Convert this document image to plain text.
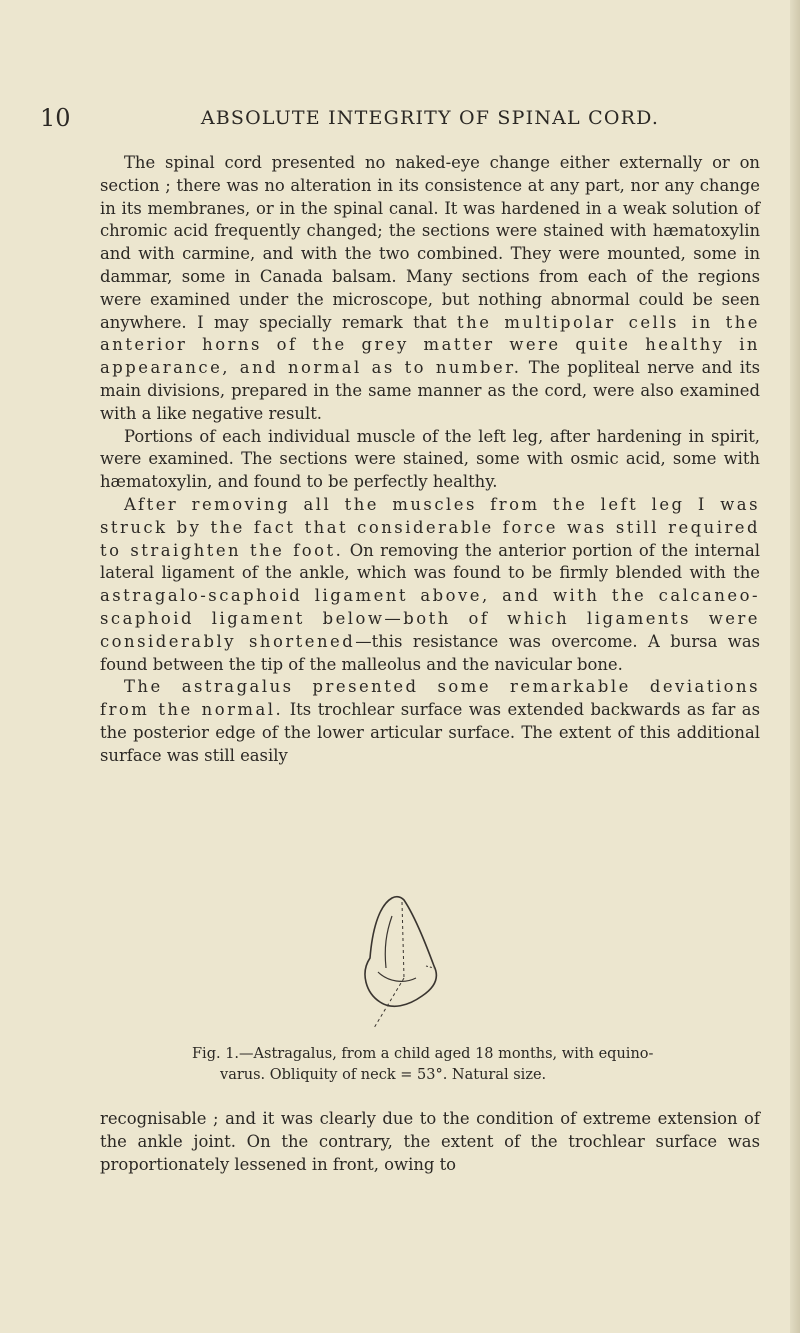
10	ABSOLUTE INTEGRITY OF SPINAL CORD.

The spinal cord presented no naked-eye change either externally or on section ; there was no alteration in its consistence at any part, nor any change in its membranes, or in the spinal canal. It was hardened in a weak solution of chromic acid frequently changed; the sections were stained with hæmatoxylin and with carmine, and with the two combined. They were mounted, some in dammar, some in Canada balsam. Many sections from each of the regions were examined under the microscope, but nothing abnormal could be seen anywhere. I may specially remark that the multipolar cells in the anterior horns of the grey matter were quite healthy in appearance, and normal as to number. The popliteal nerve and its main divisions, prepared in the same manner as the cord, were also examined with a like negative result.

Portions of each individual muscle of the left leg, after hardening in spirit, were examined. The sections were stained, some with osmic acid, some with hæmatoxylin, and found to be perfectly healthy.

After removing all the muscles from the left leg I was struck by the fact that considerable force was still required to straighten the foot. On removing the anterior portion of the internal lateral ligament of the ankle, which was found to be firmly blended with the astragalo-scaphoid ligament above, and with the calcaneo-scaphoid ligament below—both of which ligaments were considerably shortened—this resistance was overcome. A bursa was found between the tip of the malleolus and the navicular bone.

The astragalus presented some remarkable deviations from the normal. Its trochlear surface was extended backwards as far as the posterior edge of the lower articular surface. The extent of this additional surface was still easily

Fig. 1.—Astragalus, from a child aged 18 months, with equino-
varus. Obliquity of neck = 53°. Natural size.

recognisable ; and it was clearly due to the condition of extreme extension of the ankle joint. On the contrary, the extent of the trochlear surface was proportionately lessened in front, owing to
